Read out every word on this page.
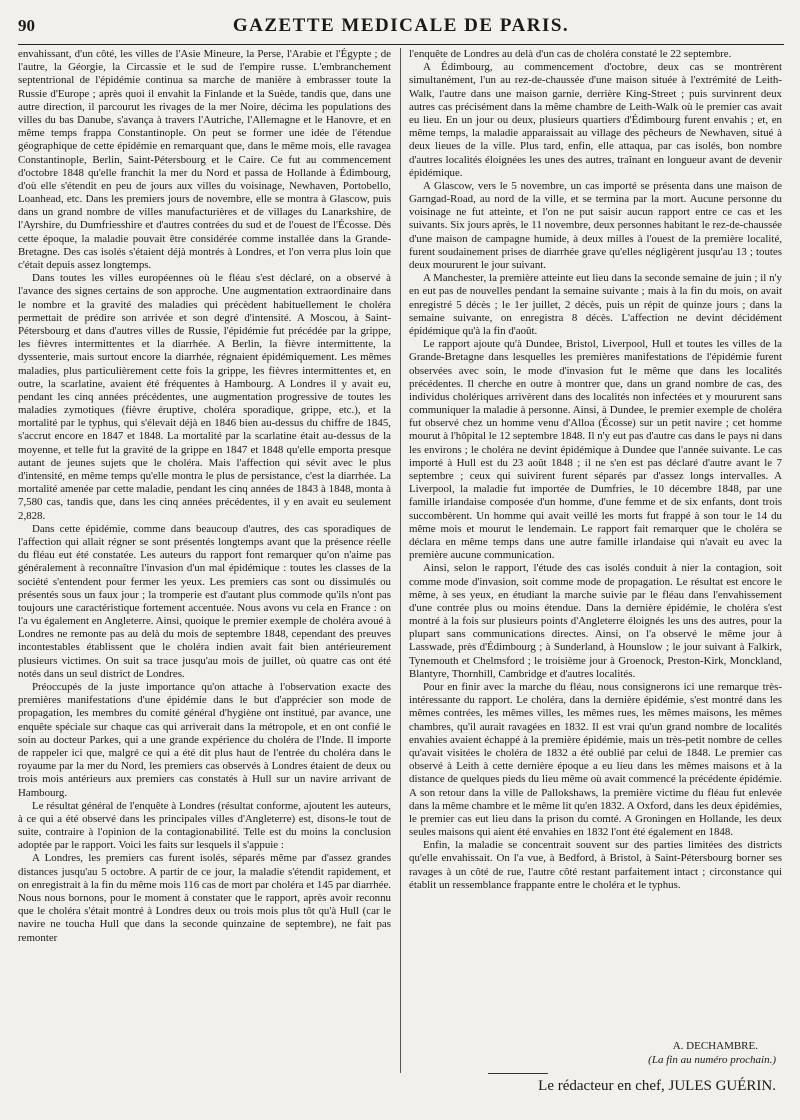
90	GAZETTE MEDICALE DE PARIS.

envahissant, d'un côté, les villes de l'Asie Mineure, la Perse, l'Arabie et l'Égypte ; de l'autre, la Géorgie, la Circassie et le sud de l'empire russe. L'embranchement septentrional de l'épidémie continua sa marche de manière à embrasser toute la Russie d'Europe ; après quoi il envahit la Finlande et la Suède, tandis que, dans une autre direction, il parcourut les rivages de la mer Noire, décima les populations des villes du bas Danube, s'avança à travers l'Autriche, l'Allemagne et le Hanovre, et en même temps frappa Constantinople. On peut se former une idée de l'étendue géographique de cette épidémie en remarquant que, dans le même mois, elle ravagea Constantinople, Berlin, Saint-Pétersbourg et le Caire. Ce fut au commencement d'octobre 1848 qu'elle franchit la mer du Nord et passa de Hollande à Édimbourg, d'où elle s'étendit en peu de jours aux villes du voisinage, Newhaven, Portobello, Loanhead, etc. Dans les premiers jours de novembre, elle se montra à Glascow, puis dans un grand nombre de villes manufacturières et de villages du Lanarkshire, de l'Ayrshire, du Dumfriesshire et d'autres contrées du sud et de l'ouest de l'Écosse. Dès cette époque, la maladie pouvait être considérée comme installée dans la Grande-Bretagne. Des cas isolés s'étaient déjà montrés à Londres, et l'on verra plus loin que c'était depuis assez longtemps.

Dans toutes les villes européennes où le fléau s'est déclaré, on a observé à l'avance des signes certains de son approche. Une augmentation extraordinaire dans le nombre et la gravité des maladies qui précèdent habituellement le choléra permettait de prédire son arrivée et son degré d'intensité. A Moscou, à Saint-Pétersbourg et dans d'autres villes de Russie, l'épidémie fut précédée par la grippe, les fièvres intermittentes et la diarrhée. A Berlin, la fièvre intermittente, la dyssenterie, mais surtout encore la diarrhée, régnaient épidémiquement. Les mêmes maladies, plus particulièrement cette fois la grippe, les fièvres intermittentes et, en outre, la scarlatine, avaient été fréquentes à Hambourg. A Londres il y avait eu, pendant les cinq années précédentes, une augmentation progressive de toutes les maladies zymotiques (fièvre éruptive, choléra sporadique, grippe, etc.), et la mortalité par le typhus, qui s'élevait déjà en 1846 bien au-dessus du chiffre de 1845, s'accrut encore en 1847 et 1848. La mortalité par la scarlatine était au-dessus de la moyenne, et telle fut la gravité de la grippe en 1847 et 1848 qu'elle emporta presque autant de jeunes sujets que le choléra. Mais l'affection qui sévit avec le plus d'intensité, en même temps qu'elle montra le plus de persistance, c'est la diarrhée. La mortalité amenée par cette maladie, pendant les cinq années de 1843 à 1848, monta à 7,580 cas, tandis que, dans les cinq années précédentes, il y en avait eu seulement 2,828.

Dans cette épidémie, comme dans beaucoup d'autres, des cas sporadiques de l'affection qui allait régner se sont présentés longtemps avant que la présence réelle du fléau eut été constatée. Les auteurs du rapport font remarquer qu'on n'aime pas généralement à reconnaître l'invasion d'un mal épidémique : toutes les classes de la société s'entendent pour fermer les yeux. Les premiers cas sont ou dissimulés ou présentés sous un faux jour ; la tromperie est d'autant plus commode qu'ils n'ont pas toujours une caractéristique fortement accentuée. Nous avons vu cela en France : on l'a vu également en Angleterre. Ainsi, quoique le premier exemple de choléra avoué à Londres ne remonte pas au delà du mois de septembre 1848, cependant des preuves incontestables établissent que le choléra indien avait fait bien antérieurement plusieurs victimes. On suit sa trace jusqu'au mois de juillet, où quatre cas ont été notés dans un seul district de Londres.

Préoccupés de la juste importance qu'on attache à l'observation exacte des premières manifestations d'une épidémie dans le but d'apprécier son mode de propagation, les membres du comité général d'hygiène ont institué, par avance, une enquête spéciale sur chaque cas qui arriverait dans la métropole, et en ont confié le soin au docteur Parkes, qui a une grande expérience du choléra de l'Inde. Il importe de rappeler ici que, malgré ce qui a été dit plus haut de l'entrée du choléra dans le royaume par la mer du Nord, les premiers cas observés à Londres étaient de deux ou trois mois antérieurs aux premiers cas constatés à Hull sur un navire arrivant de Hambourg.

Le résultat général de l'enquête à Londres (résultat conforme, ajoutent les auteurs, à ce qui a été observé dans les principales villes d'Angleterre) est, disons-le tout de suite, contraire à l'opinion de la contagionabilité. Telle est du moins la conclusion adoptée par le rapport. Voici les faits sur lesquels il s'appuie :

A Londres, les premiers cas furent isolés, séparés même par d'assez grandes distances jusqu'au 5 octobre. A partir de ce jour, la maladie s'étendit rapidement, et on enregistrait à la fin du même mois 116 cas de mort par choléra et 145 par diarrhée. Nous nous bornons, pour le moment à constater que le rapport, après avoir reconnu que le choléra s'était montré à Londres deux ou trois mois plus tôt qu'à Hull (car le navire ne toucha Hull que dans la seconde quinzaine de septembre), ne fait pas remonter

l'enquête de Londres au delà d'un cas de choléra constaté le 22 septembre.

A Édimbourg, au commencement d'octobre, deux cas se montrèrent simultanément, l'un au rez-de-chaussée d'une maison située à l'extrémité de Leith-Walk, l'autre dans une maison garnie, derrière King-Street ; puis survinrent deux autres cas précisément dans la même chambre de Leith-Walk où le premier cas avait eu lieu. En un jour ou deux, plusieurs quartiers d'Édimbourg furent envahis ; et, en même temps, la maladie apparaissait au village des pêcheurs de Newhaven, situé à deux lieues de la ville. Plus tard, enfin, elle attaqua, par cas isolés, bon nombre d'autres localités éloignées les unes des autres, traînant en longueur avant de devenir épidémique.

A Glascow, vers le 5 novembre, un cas importé se présenta dans une maison de Garngad-Road, au nord de la ville, et se termina par la mort. Aucune personne du voisinage ne fut atteinte, et l'on ne put saisir aucun rapport entre ce cas et les suivants. Six jours après, le 11 novembre, deux personnes habitant le rez-de-chaussée d'une maison de campagne humide, à deux milles à l'ouest de la première localité, furent soudainement prises de diarrhée grave qu'elles négligèrent jusqu'au 13 ; toutes deux moururent le jour suivant.

A Manchester, la première atteinte eut lieu dans la seconde semaine de juin ; il n'y en eut pas de nouvelles pendant la semaine suivante ; mais à la fin du mois, on avait enregistré 5 décès ; le 1er juillet, 2 décès, puis un répit de quinze jours ; dans la semaine suivante, on enregistra 8 décès. L'affection ne devint décidément épidémique qu'à la fin d'août.

Le rapport ajoute qu'à Dundee, Bristol, Liverpool, Hull et toutes les villes de la Grande-Bretagne dans lesquelles les premières manifestations de l'épidémie furent observées avec soin, le mode d'invasion fut le même que dans les localités précédentes. Il cherche en outre à montrer que, dans un grand nombre de cas, des individus cholériques arrivèrent dans des localités non infectées et y moururent sans communiquer la maladie à personne. Ainsi, à Dundee, le premier exemple de choléra fut observé chez un homme venu d'Alloa (Écosse) sur un petit navire ; cet homme mourut à l'hôpital le 12 septembre 1848. Il n'y eut pas d'autre cas dans le pays ni dans les environs ; le choléra ne devint épidémique à Dundee que l'année suivante. Le cas importé à Hull est du 23 août 1848 ; il ne s'en est pas déclaré d'autre avant le 7 septembre ; ceux qui suivirent furent séparés par d'assez longs intervalles. A Liverpool, la maladie fut importée de Dumfries, le 10 décembre 1848, par une famille irlandaise composée d'un homme, d'une femme et de six enfants, dont trois succombèrent. Un homme qui avait veillé les morts fut frappé à son tour le 14 du même mois et mourut le lendemain. Le rapport fait remarquer que le choléra se déclara en même temps dans une autre famille irlandaise qui n'avait eu avec la première aucune communication.

Ainsi, selon le rapport, l'étude des cas isolés conduit à nier la contagion, soit comme mode d'invasion, soit comme mode de propagation. Le résultat est encore le même, à ses yeux, en étudiant la marche suivie par le fléau dans l'envahissement d'une contrée plus ou moins étendue. Dans la dernière épidémie, le choléra s'est montré à la fois sur plusieurs points d'Angleterre éloignés les uns des autres, pour la plupart sans communications directes. Ainsi, on l'a observé le même jour à Lasswade, près d'Édimbourg ; à Sunderland, à Hounslow ; le jour suivant à Falkirk, Tynemouth et Chelmsford ; le troisième jour à Groenock, Preston-Kirk, Monckland, Blantyre, Thornhill, Cambridge et d'autres localités.

Pour en finir avec la marche du fléau, nous consignerons ici une remarque très-intéressante du rapport. Le choléra, dans la dernière épidémie, s'est montré dans les mêmes contrées, les mêmes villes, les mêmes rues, les mêmes maisons, les mêmes chambres, qu'il aurait ravagées en 1832. Il est vrai qu'un grand nombre de localités envahies avaient échappé à la première épidémie, mais un très-petit nombre de celles qu'avait visitées le choléra de 1832 a été oublié par celui de 1848. Le premier cas observé à Leith à cette dernière époque a eu lieu dans les mêmes maisons et à la distance de quelques pieds du lieu même où avait commencé la précédente épidémie. A son retour dans la ville de Pallokshaws, la première victime du fléau fut enlevée dans la même chambre et le même lit qu'en 1832. A Oxford, dans les deux épidémies, le premier cas eut lieu dans la prison du comté. A Groningen en Hollande, les deux seules maisons qui aient été envahies en 1832 l'ont été également en 1848.

Enfin, la maladie se concentrait souvent sur des parties limitées des districts qu'elle envahissait. On l'a vue, à Bedford, à Bristol, à Saint-Pétersbourg borner ses ravages à un côté de rue, l'autre côté restant parfaitement intact ; circonstance qui établit un ressemblance frappante entre le choléra et le typhus.

A. DECHAMBRE.
(La fin au numéro prochain.)
Le rédacteur en chef, JULES GUÉRIN.
